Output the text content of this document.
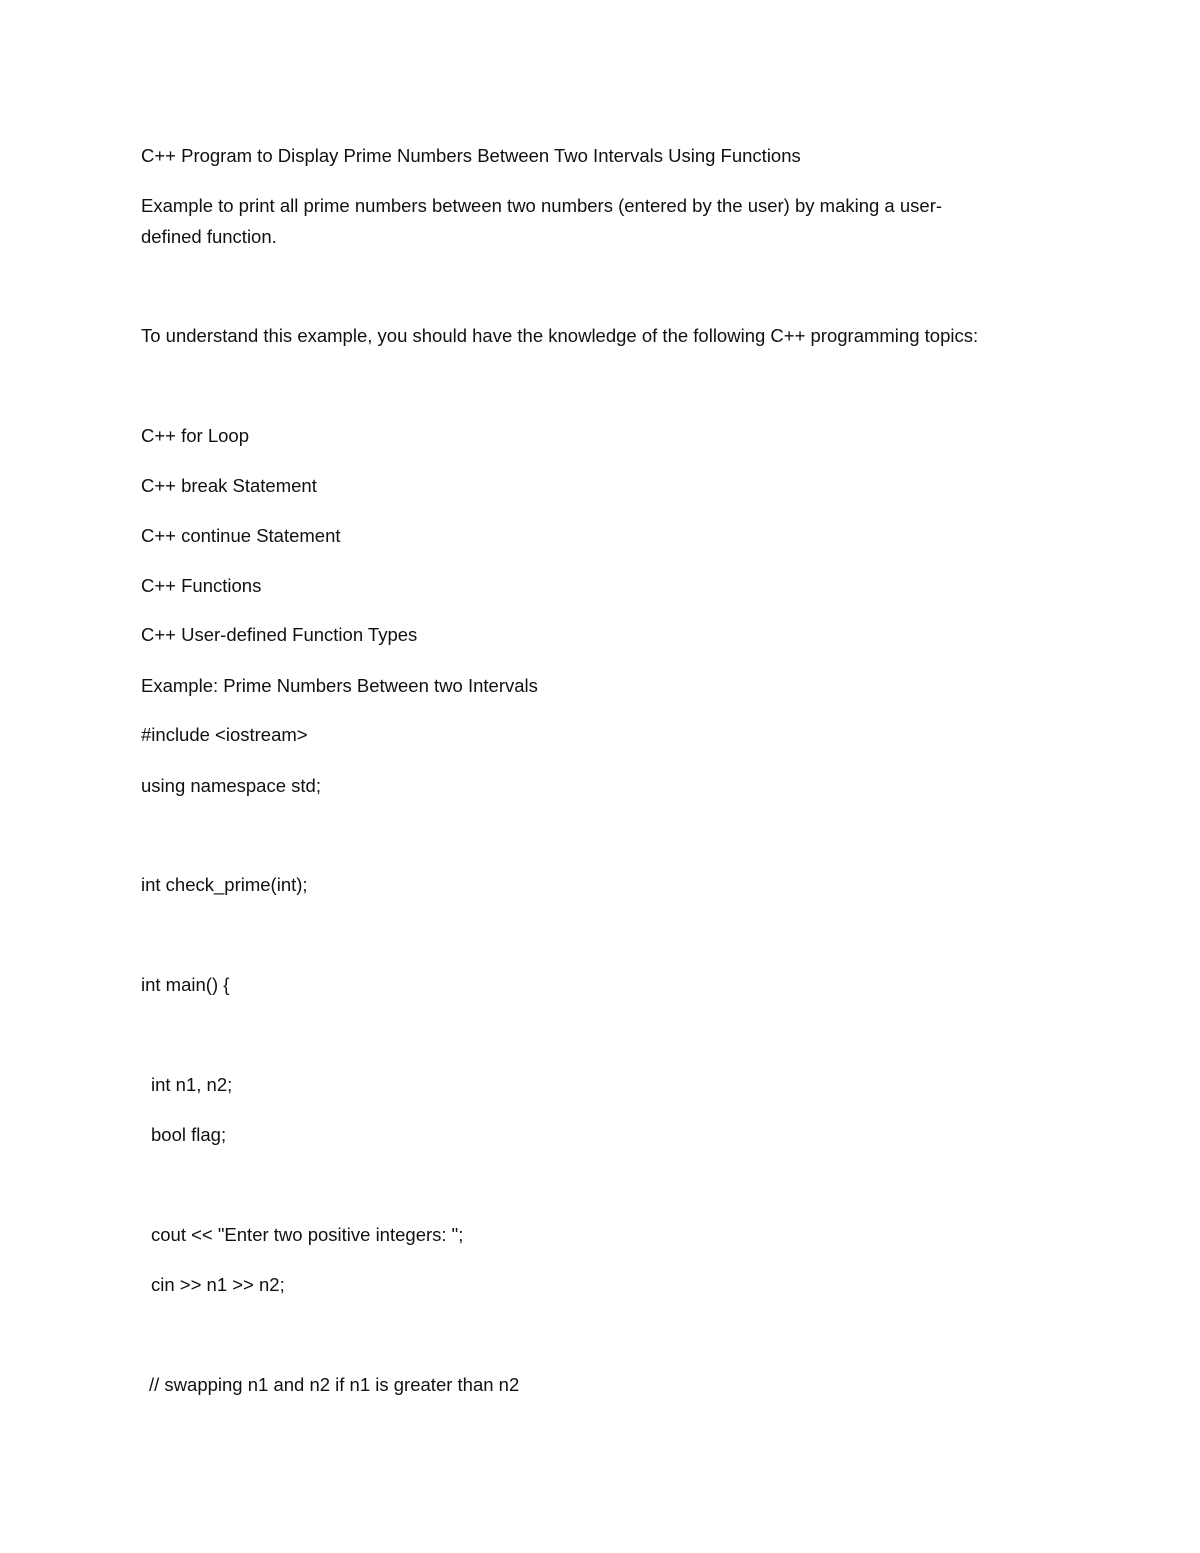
C++ Program to Display Prime Numbers Between Two Intervals Using Functions
Example to print all prime numbers between two numbers (entered by the user) by making a user-
defined function.
To understand this example, you should have the knowledge of the following C++ programming topics:
C++ for Loop
C++ break Statement
C++ continue Statement
C++ Functions
C++ User-defined Function Types
Example: Prime Numbers Between two Intervals
#include <iostream>
using namespace std;
int check_prime(int);
int main() {
int n1, n2;
bool flag;
cout << "Enter two positive integers: ";
cin >> n1 >> n2;
// swapping n1 and n2 if n1 is greater than n2
